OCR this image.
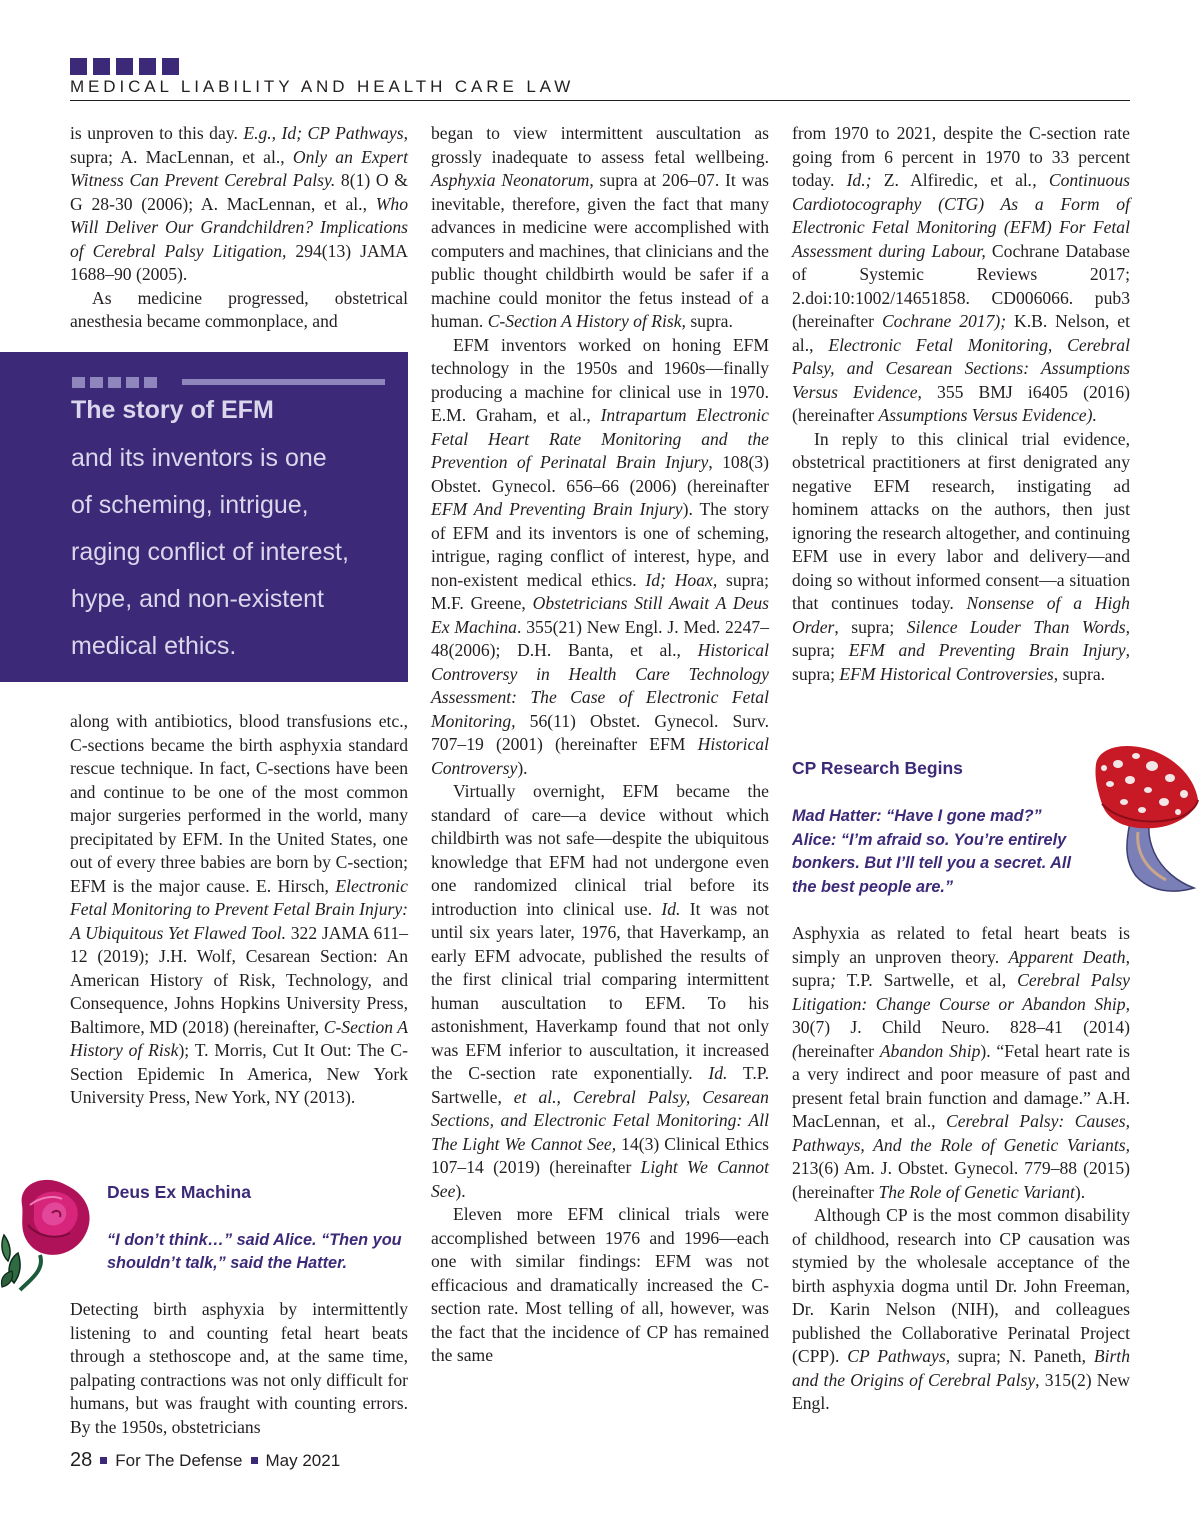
MEDICAL LIABILITY AND HEALTH CARE LAW

is unproven to this day. E.g., Id; CP Pathways, supra; A. MacLennan, et al., Only an Expert Witness Can Prevent Cerebral Palsy. 8(1) O & G 28-30 (2006); A. MacLennan, et al., Who Will Deliver Our Grandchildren? Implications of Cerebral Palsy Litigation, 294(13) JAMA 1688–90 (2005).

As medicine progressed, obstetrical anesthesia became commonplace, and

The story of EFM
and its inventors is one
of scheming, intrigue,
raging conflict of interest,
hype, and non-existent
medical ethics.

along with antibiotics, blood transfusions etc., C-sections became the birth asphyxia standard rescue technique. In fact, C-sections have been and continue to be one of the most common major surgeries performed in the world, many precipitated by EFM. In the United States, one out of every three babies are born by C-section; EFM is the major cause. E. Hirsch, Electronic Fetal Monitoring to Prevent Fetal Brain Injury: A Ubiquitous Yet Flawed Tool. 322 JAMA 611–12 (2019); J.H. Wolf, Cesarean Section: An American History of Risk, Technology, and Consequence, Johns Hopkins University Press, Baltimore, MD (2018) (hereinafter, C-Section A History of Risk); T. Morris, Cut It Out: The C-Section Epidemic In America, New York University Press, New York, NY (2013).

Deus Ex Machina
“I don’t think…” said Alice. “Then you
shouldn’t talk,” said the Hatter.

Detecting birth asphyxia by intermittently listening to and counting fetal heart beats through a stethoscope and, at the same time, palpating contractions was not only difficult for humans, but was fraught with counting errors. By the 1950s, obstetricians

began to view intermittent auscultation as grossly inadequate to assess fetal wellbeing. Asphyxia Neonatorum, supra at 206–07. It was inevitable, therefore, given the fact that many advances in medicine were accomplished with computers and machines, that clinicians and the public thought childbirth would be safer if a machine could monitor the fetus instead of a human. C-Section A History of Risk, supra.

EFM inventors worked on honing EFM technology in the 1950s and 1960s—finally producing a machine for clinical use in 1970. E.M. Graham, et al., Intrapartum Electronic Fetal Heart Rate Monitoring and the Prevention of Perinatal Brain Injury, 108(3) Obstet. Gynecol. 656–66 (2006) (hereinafter EFM And Preventing Brain Injury). The story of EFM and its inventors is one of scheming, intrigue, raging conflict of interest, hype, and non-existent medical ethics. Id; Hoax, supra; M.F. Greene, Obstetricians Still Await A Deus Ex Machina. 355(21) New Engl. J. Med. 2247–48(2006); D.H. Banta, et al., Historical Controversy in Health Care Technology Assessment: The Case of Electronic Fetal Monitoring, 56(11) Obstet. Gynecol. Surv. 707–19 (2001) (hereinafter EFM Historical Controversy).

Virtually overnight, EFM became the standard of care—a device without which childbirth was not safe—despite the ubiquitous knowledge that EFM had not undergone even one randomized clinical trial before its introduction into clinical use. Id. It was not until six years later, 1976, that Haverkamp, an early EFM advocate, published the results of the first clinical trial comparing intermittent human auscultation to EFM. To his astonishment, Haverkamp found that not only was EFM inferior to auscultation, it increased the C-section rate exponentially. Id. T.P. Sartwelle, et al., Cerebral Palsy, Cesarean Sections, and Electronic Fetal Monitoring: All The Light We Cannot See, 14(3) Clinical Ethics 107–14 (2019) (hereinafter Light We Cannot See).

Eleven more EFM clinical trials were accomplished between 1976 and 1996—each one with similar findings: EFM was not efficacious and dramatically increased the C-section rate. Most telling of all, however, was the fact that the incidence of CP has remained the same

from 1970 to 2021, despite the C-section rate going from 6 percent in 1970 to 33 percent today. Id.; Z. Alfiredic, et al., Continuous Cardiotocography (CTG) As a Form of Electronic Fetal Monitoring (EFM) For Fetal Assessment during Labour, Cochrane Database of Systemic Reviews 2017; 2.doi:10:1002/14651858. CD006066. pub3 (hereinafter Cochrane 2017); K.B. Nelson, et al., Electronic Fetal Monitoring, Cerebral Palsy, and Cesarean Sections: Assumptions Versus Evidence, 355 BMJ i6405 (2016) (hereinafter Assumptions Versus Evidence).

In reply to this clinical trial evidence, obstetrical practitioners at first denigrated any negative EFM research, instigating ad hominem attacks on the authors, then just ignoring the research altogether, and continuing EFM use in every labor and delivery—and doing so without informed consent—a situation that continues today. Nonsense of a High Order, supra; Silence Louder Than Words, supra; EFM and Preventing Brain Injury, supra; EFM Historical Controversies, supra.

CP Research Begins
Mad Hatter: “Have I gone mad?”
Alice: “I’m afraid so. You’re entirely
bonkers. But I’ll tell you a secret. All
the best people are.”

Asphyxia as related to fetal heart beats is simply an unproven theory. Apparent Death, supra; T.P. Sartwelle, et al, Cerebral Palsy Litigation: Change Course or Abandon Ship, 30(7) J. Child Neuro. 828–41 (2014) (hereinafter Abandon Ship). “Fetal heart rate is a very indirect and poor measure of past and present fetal brain function and damage.” A.H. MacLennan, et al., Cerebral Palsy: Causes, Pathways, And the Role of Genetic Variants, 213(6) Am. J. Obstet. Gynecol. 779–88 (2015) (hereinafter The Role of Genetic Variant).

Although CP is the most common disability of childhood, research into CP causation was stymied by the wholesale acceptance of the birth asphyxia dogma until Dr. John Freeman, Dr. Karin Nelson (NIH), and colleagues published the Collaborative Perinatal Project (CPP). CP Pathways, supra; N. Paneth, Birth and the Origins of Cerebral Palsy, 315(2) New Engl.

28 For The Defense May 2021
